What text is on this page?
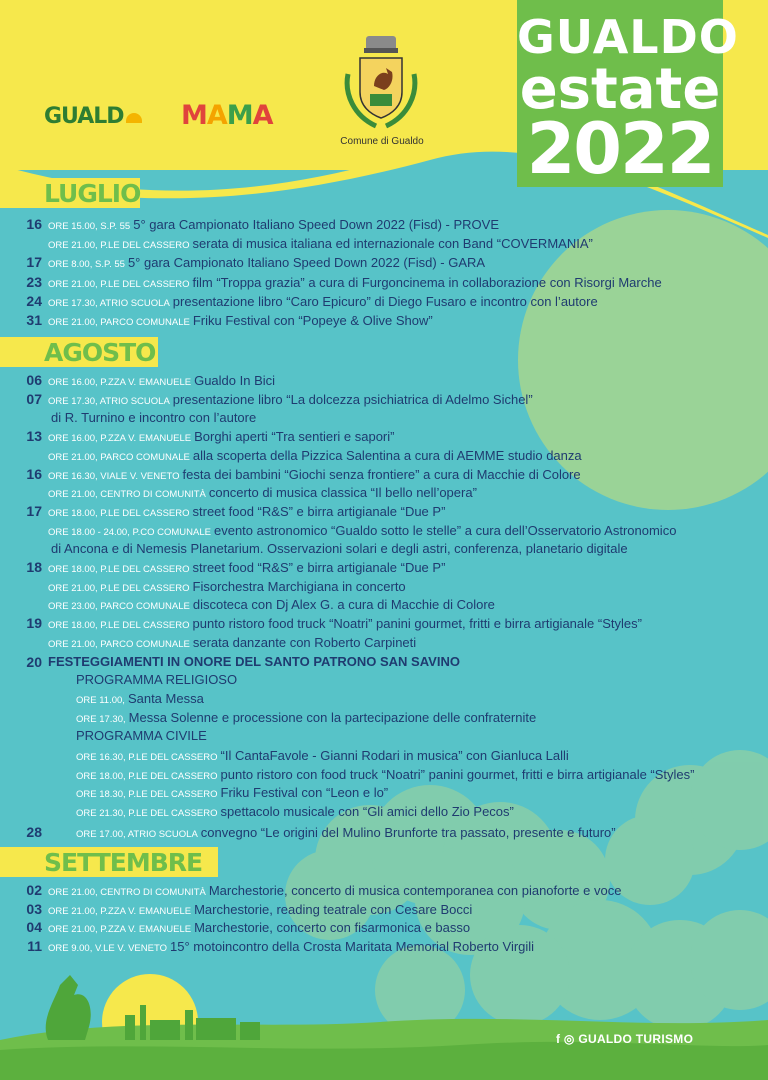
GUALDO
estate
2022
GUALD	MAMA
Comune di Gualdo
LUGLIO
16 ORE 15.00, S.P. 55 5° gara Campionato Italiano Speed Down 2022 (Fisd) - PROVE
ORE 21.00, P.LE DEL CASSERO serata di musica italiana ed internazionale con Band “COVERMANIA”
17 ORE 8.00, S.P. 55 5° gara Campionato Italiano Speed Down 2022 (Fisd) - GARA
23 ORE 21.00, P.LE DEL CASSERO film “Troppa grazia” a cura di Furgoncinema in collaborazione con Risorgi Marche
24 ORE 17.30, ATRIO SCUOLA presentazione libro “Caro Epicuro” di Diego Fusaro e incontro con l’autore
31 ORE 21.00, PARCO COMUNALE Friku Festival con “Popeye & Olive Show”
AGOSTO
06 ORE 16.00, P.ZZA V. EMANUELE Gualdo In Bici
07 ORE 17.30, ATRIO SCUOLA presentazione libro “La dolcezza psichiatrica di Adelmo Sichel”
di R. Turnino e incontro con l’autore
13 ORE 16.00, P.ZZA V. EMANUELE Borghi aperti “Tra sentieri e sapori”
ORE 21.00, PARCO COMUNALE alla scoperta della Pizzica Salentina a cura di AEMME studio danza
16 ORE 16.30, VIALE V. VENETO festa dei bambini “Giochi senza frontiere” a cura di Macchie di Colore
ORE 21.00, CENTRO DI COMUNITÀ concerto di musica classica “Il bello nell’opera”
17 ORE 18.00, P.LE DEL CASSERO street food “R&S” e birra artigianale “Due P”
ORE 18.00 - 24.00, P.CO COMUNALE evento astronomico “Gualdo sotto le stelle” a cura dell’Osservatorio Astronomico
di Ancona e di Nemesis Planetarium. Osservazioni solari e degli astri, conferenza, planetario digitale
18 ORE 18.00, P.LE DEL CASSERO street food “R&S” e birra artigianale “Due P”
ORE 21.00, P.LE DEL CASSERO Fisorchestra Marchigiana in concerto
ORE 23.00, PARCO COMUNALE discoteca con Dj Alex G. a cura di Macchie di Colore
19 ORE 18.00, P.LE DEL CASSERO punto ristoro food truck “Noatri” panini gourmet, fritti e birra artigianale “Styles”
ORE 21.00, PARCO COMUNALE serata danzante con Roberto Carpineti
20 FESTEGGIAMENTI IN ONORE DEL SANTO PATRONO SAN SAVINO
PROGRAMMA RELIGIOSO
ORE 11.00, Santa Messa
ORE 17.30, Messa Solenne e processione con la partecipazione delle confraternite
PROGRAMMA CIVILE
ORE 16.30, P.LE DEL CASSERO “Il CantaFavole - Gianni Rodari in musica” con Gianluca Lalli
ORE 18.00, P.LE DEL CASSERO punto ristoro con food truck “Noatri” panini gourmet, fritti e birra artigianale “Styles”
ORE 18.30, P.LE DEL CASSERO Friku Festival con “Leon e lo”
ORE 21.30, P.LE DEL CASSERO spettacolo musicale con “Gli amici dello Zio Pecos”
28	ORE 17.00, ATRIO SCUOLA convegno “Le origini del Mulino Brunforte tra passato, presente e futuro”
SETTEMBRE
02 ORE 21.00, CENTRO DI COMUNITÀ Marchestorie, concerto di musica contemporanea con pianoforte e voce
03 ORE 21.00, P.ZZA V. EMANUELE Marchestorie, reading teatrale con Cesare Bocci
04 ORE 21.00, P.ZZA V. EMANUELE Marchestorie, concerto con fisarmonica e basso
11 ORE 9.00, V.LE V. VENETO 15° motoincontro della Crosta Maritata Memorial Roberto Virgili
f ◎ GUALDO TURISMO
